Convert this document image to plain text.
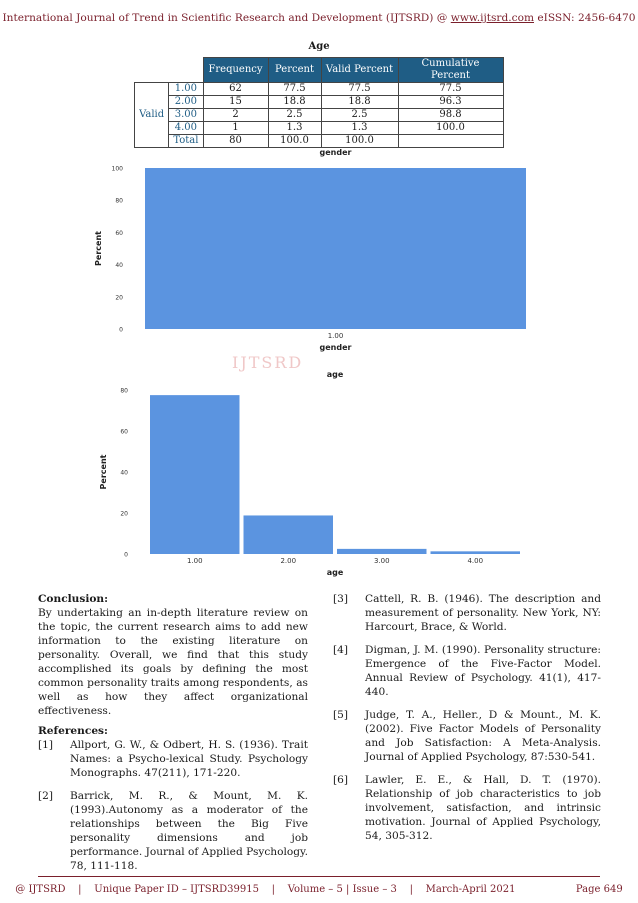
International Journal of Trend in Scientific Research and Development (IJTSRD) @ www.ijtsrd.com eISSN: 2456-6470
Age
		Frequency	Percent	Valid Percent	Cumulative Percent
Valid	1.00	62	77.5	77.5	77.5
	2.00	15	18.8	18.8	96.3
	3.00	2	2.5	2.5	98.8
	4.00	1	1.3	1.3	100.0
	Total	80	100.0	100.0	
gender
0
20
40
60
80
100
Percent
1.00
gender
IJTSRD
age
0
20
40
60
80
Percent
1.00	2.00	3.00	4.00
age
Conclusion:

By undertaking an in-depth literature review on the topic, the current research aims to add new information to the existing literature on personality. Overall, we find that this study accomplished its goals by defining the most common personality traits among respondents, as well as how they affect organizational effectiveness.

References:
[1]	Allport, G. W., & Odbert, H. S. (1936). Trait Names: a Psycho-lexical Study. Psychology Monographs. 47(211), 171-220.
[2]	Barrick, M. R., & Mount, M. K. (1993).Autonomy as a moderator of the relationships between the Big Five personality dimensions and job performance. Journal of Applied Psychology. 78, 111-118.
[3]	Cattell, R. B. (1946). The description and measurement of personality. New York, NY: Harcourt, Brace, & World.
[4]	Digman, J. M. (1990). Personality structure: Emergence of the Five-Factor Model. Annual Review of Psychology. 41(1), 417-440.
[5]	Judge, T. A., Heller., D & Mount., M. K. (2002). Five Factor Models of Personality and Job Satisfaction: A Meta-Analysis. Journal of Applied Psychology, 87:530-541.
[6]	Lawler, E. E., & Hall, D. T. (1970). Relationship of job characteristics to job involvement, satisfaction, and intrinsic motivation. Journal of Applied Psychology, 54, 305-312.
@ IJTSRD    |    Unique Paper ID – IJTSRD39915    |    Volume – 5 | Issue – 3    |    March-April 2021                   Page 649
